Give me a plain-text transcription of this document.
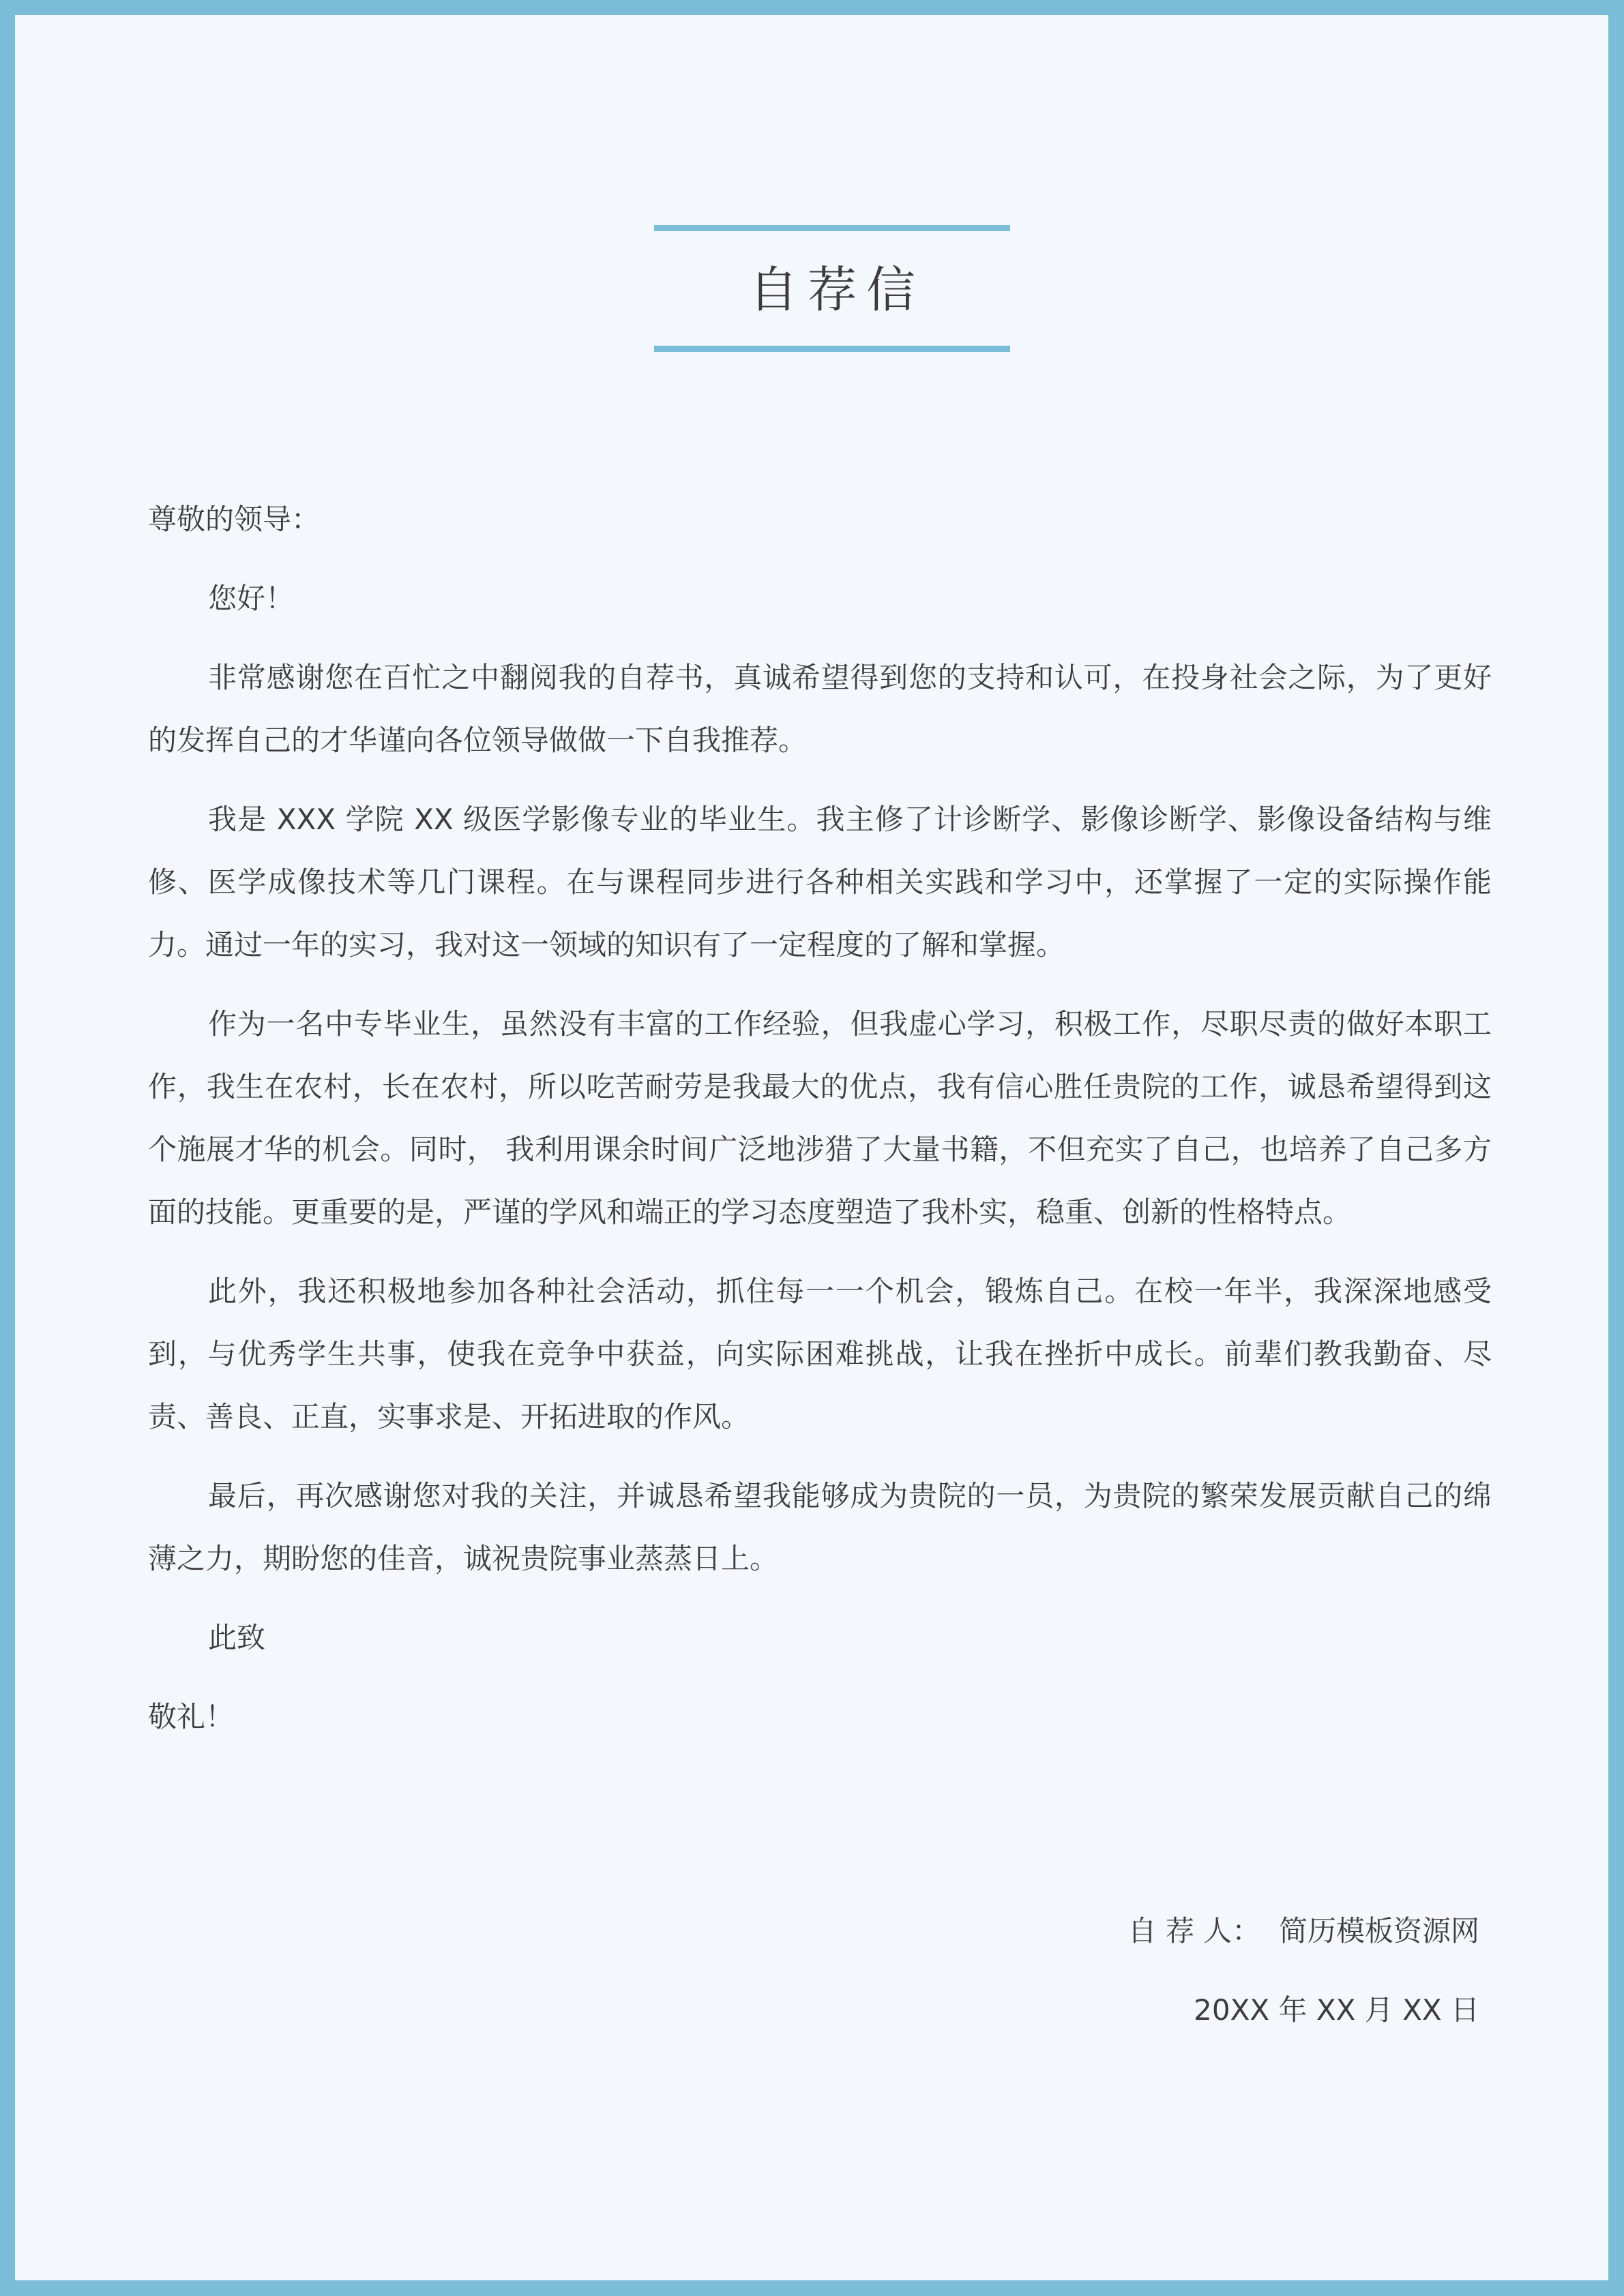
自荐信

尊敬的领导：

您好！

非常感谢您在百忙之中翻阅我的自荐书，真诚希望得到您的支持和认可，在投身社会之际，为了更好的发挥自己的才华谨向各位领导做做一下自我推荐。

我是 XXX 学院 XX 级医学影像专业的毕业生。我主修了计诊断学、影像诊断学、影像设备结构与维修、医学成像技术等几门课程。在与课程同步进行各种相关实践和学习中，还掌握了一定的实际操作能力。通过一年的实习，我对这一领域的知识有了一定程度的了解和掌握。

作为一名中专毕业生，虽然没有丰富的工作经验，但我虚心学习，积极工作，尽职尽责的做好本职工作，我生在农村，长在农村，所以吃苦耐劳是我最大的优点，我有信心胜任贵院的工作，诚恳希望得到这个施展才华的机会。同时， 我利用课余时间广泛地涉猎了大量书籍，不但充实了自己，也培养了自己多方面的技能。更重要的是，严谨的学风和端正的学习态度塑造了我朴实，稳重、创新的性格特点。

此外，我还积极地参加各种社会活动，抓住每一一个机会，锻炼自己。在校一年半，我深深地感受到，与优秀学生共事，使我在竞争中获益，向实际困难挑战，让我在挫折中成长。前辈们教我勤奋、尽责、善良、正直，实事求是、开拓进取的作风。

最后，再次感谢您对我的关注，并诚恳希望我能够成为贵院的一员，为贵院的繁荣发展贡献自己的绵薄之力，期盼您的佳音，诚祝贵院事业蒸蒸日上。

此致

敬礼！

自 荐 人：  简历模板资源网
20XX 年 XX 月 XX 日
